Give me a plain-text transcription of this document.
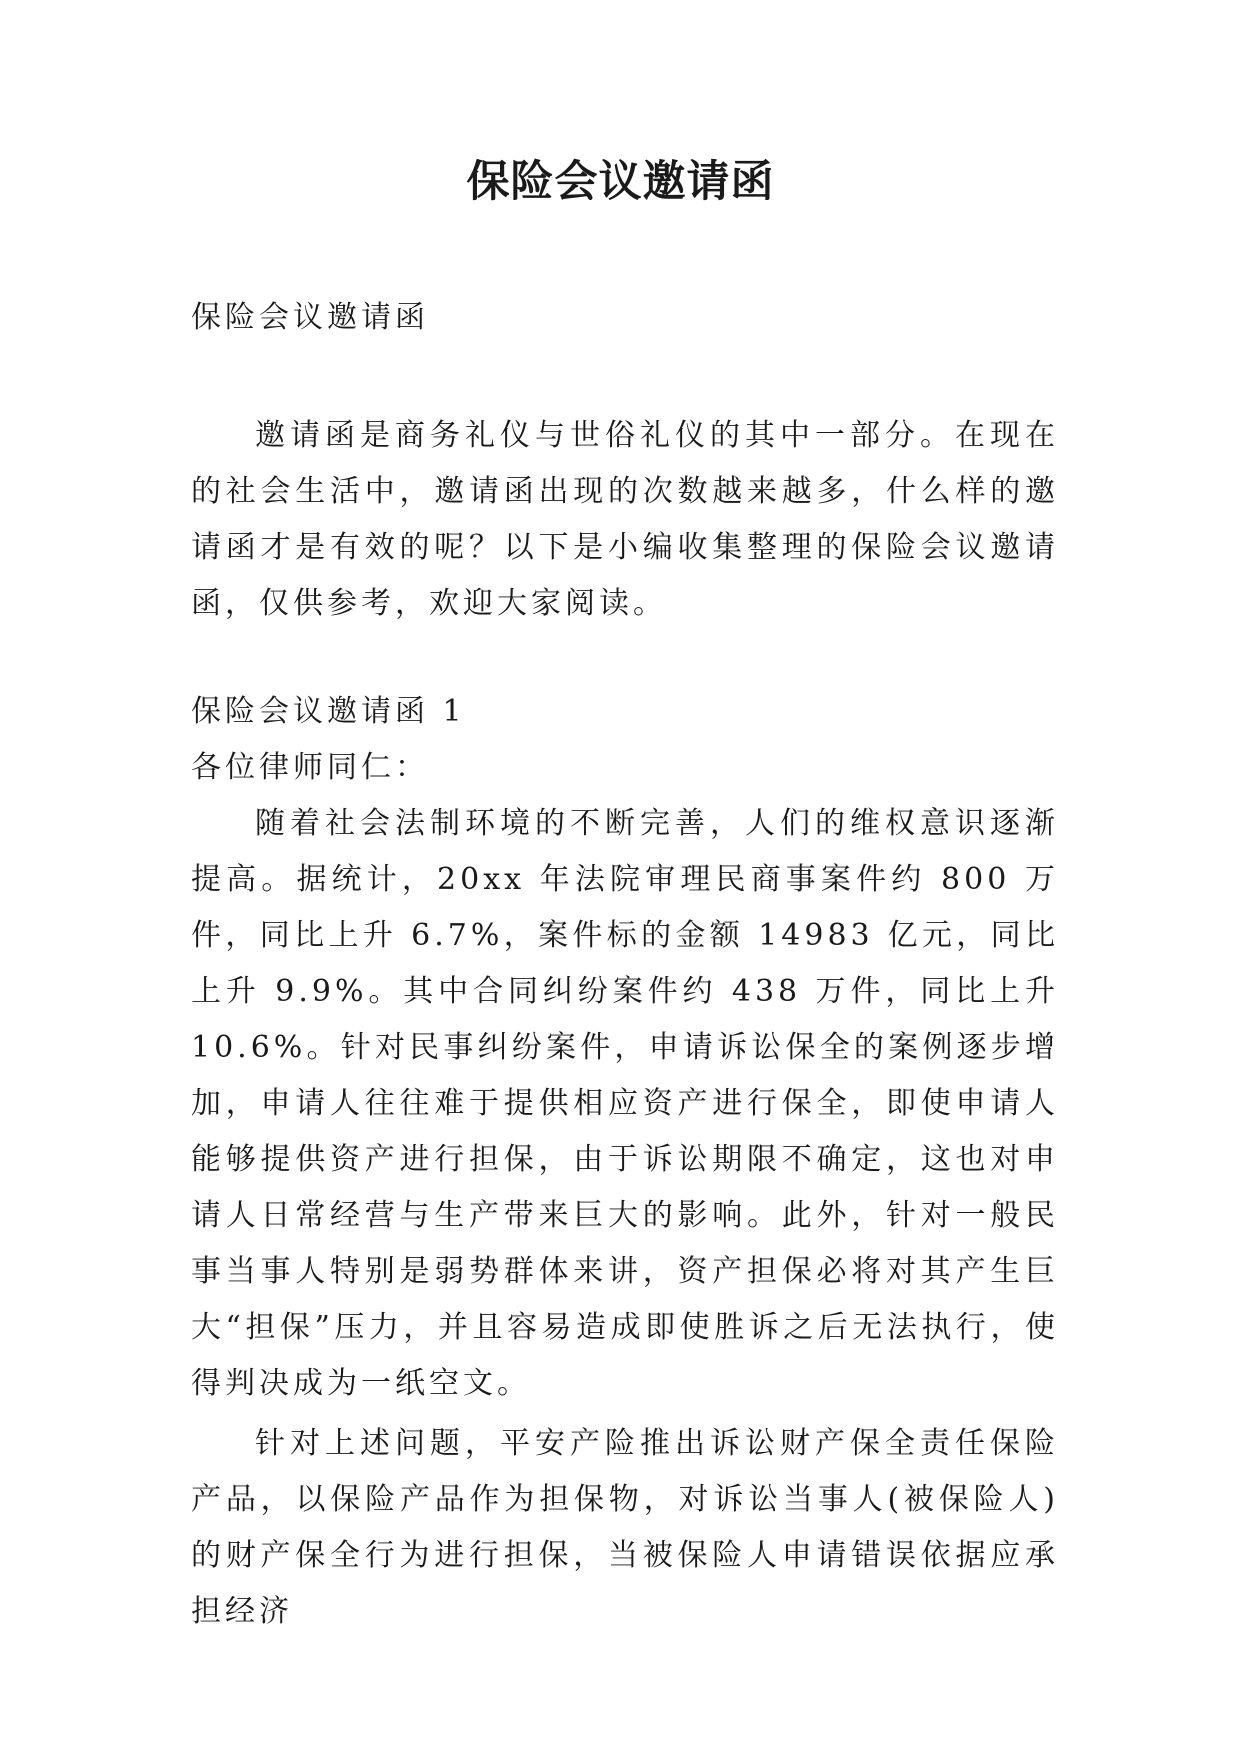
保险会议邀请函

保险会议邀请函

邀请函是商务礼仪与世俗礼仪的其中一部分。在现在的社会生活中，邀请函出现的次数越来越多，什么样的邀请函才是有效的呢？以下是小编收集整理的保险会议邀请函，仅供参考，欢迎大家阅读。

保险会议邀请函 1

各位律师同仁：

随着社会法制环境的不断完善，人们的维权意识逐渐提高。据统计，20xx 年法院审理民商事案件约 800 万件，同比上升 6.7%，案件标的金额 14983 亿元，同比上升 9.9%。其中合同纠纷案件约 438 万件，同比上升 10.6%。针对民事纠纷案件，申请诉讼保全的案例逐步增加，申请人往往难于提供相应资产进行保全，即使申请人能够提供资产进行担保，由于诉讼期限不确定，这也对申请人日常经营与生产带来巨大的影响。此外，针对一般民事当事人特别是弱势群体来讲，资产担保必将对其产生巨大“担保”压力，并且容易造成即使胜诉之后无法执行，使得判决成为一纸空文。

针对上述问题，平安产险推出诉讼财产保全责任保险产品，以保险产品作为担保物，对诉讼当事人(被保险人)的财产保全行为进行担保，当被保险人申请错误依据应承担经济
